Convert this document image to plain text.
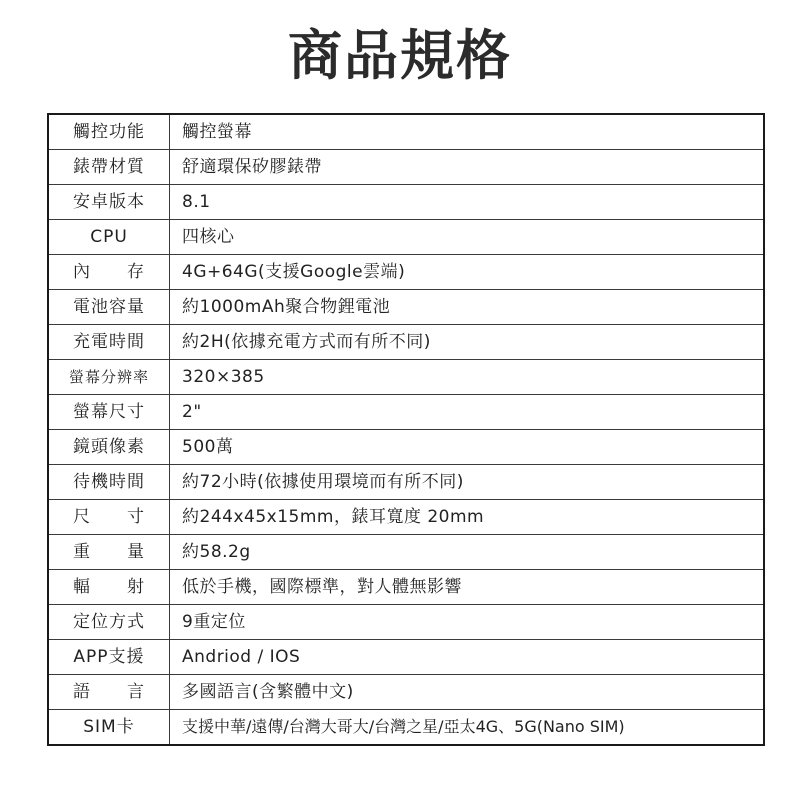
商品規格
觸控功能	觸控螢幕
錶帶材質	舒適環保矽膠錶帶
安卓版本	8.1
CPU	四核心
內　　存	4G+64G(支援Google雲端)
電池容量	約1000mAh聚合物鋰電池
充電時間	約2H(依據充電方式而有所不同)
螢幕分辨率	320×385
螢幕尺寸	2"
鏡頭像素	500萬
待機時間	約72小時(依據使用環境而有所不同)
尺　　寸	約244x45x15mm，錶耳寬度 20mm
重　　量	約58.2g
輻　　射	低於手機，國際標準，對人體無影響
定位方式	9重定位
APP支援	Andriod / IOS
語　　言	多國語言(含繁體中文)
SIM卡	支援中華/遠傳/台灣大哥大/台灣之星/亞太4G、5G(Nano SIM)
